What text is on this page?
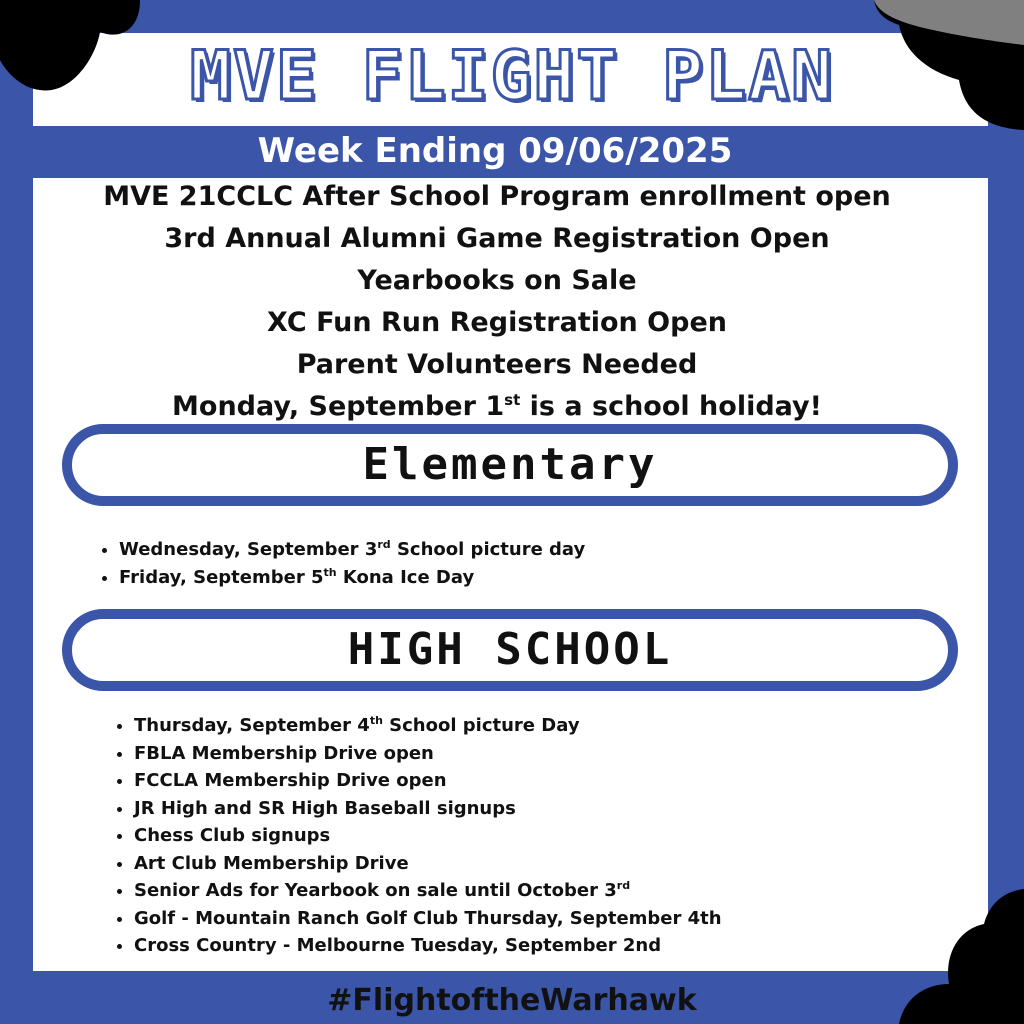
MVE FLIGHT PLAN
Week Ending 09/06/2025
MVE 21CCLC After School Program enrollment open
3rd Annual Alumni Game Registration Open
Yearbooks on Sale
XC Fun Run Registration Open
Parent Volunteers Needed
Monday, September 1st is a school holiday!
Elementary
• Wednesday, September 3rd School picture day
• Friday, September 5th Kona Ice Day
HIGH SCHOOL
• Thursday, September 4th School picture Day
• FBLA Membership Drive open
• FCCLA Membership Drive open
• JR High and SR High Baseball signups
• Chess Club signups
• Art Club Membership Drive
• Senior Ads for Yearbook on sale until October 3rd
• Golf - Mountain Ranch Golf Club Thursday, September 4th
• Cross Country - Melbourne Tuesday, September 2nd
#FlightoftheWarhawk
